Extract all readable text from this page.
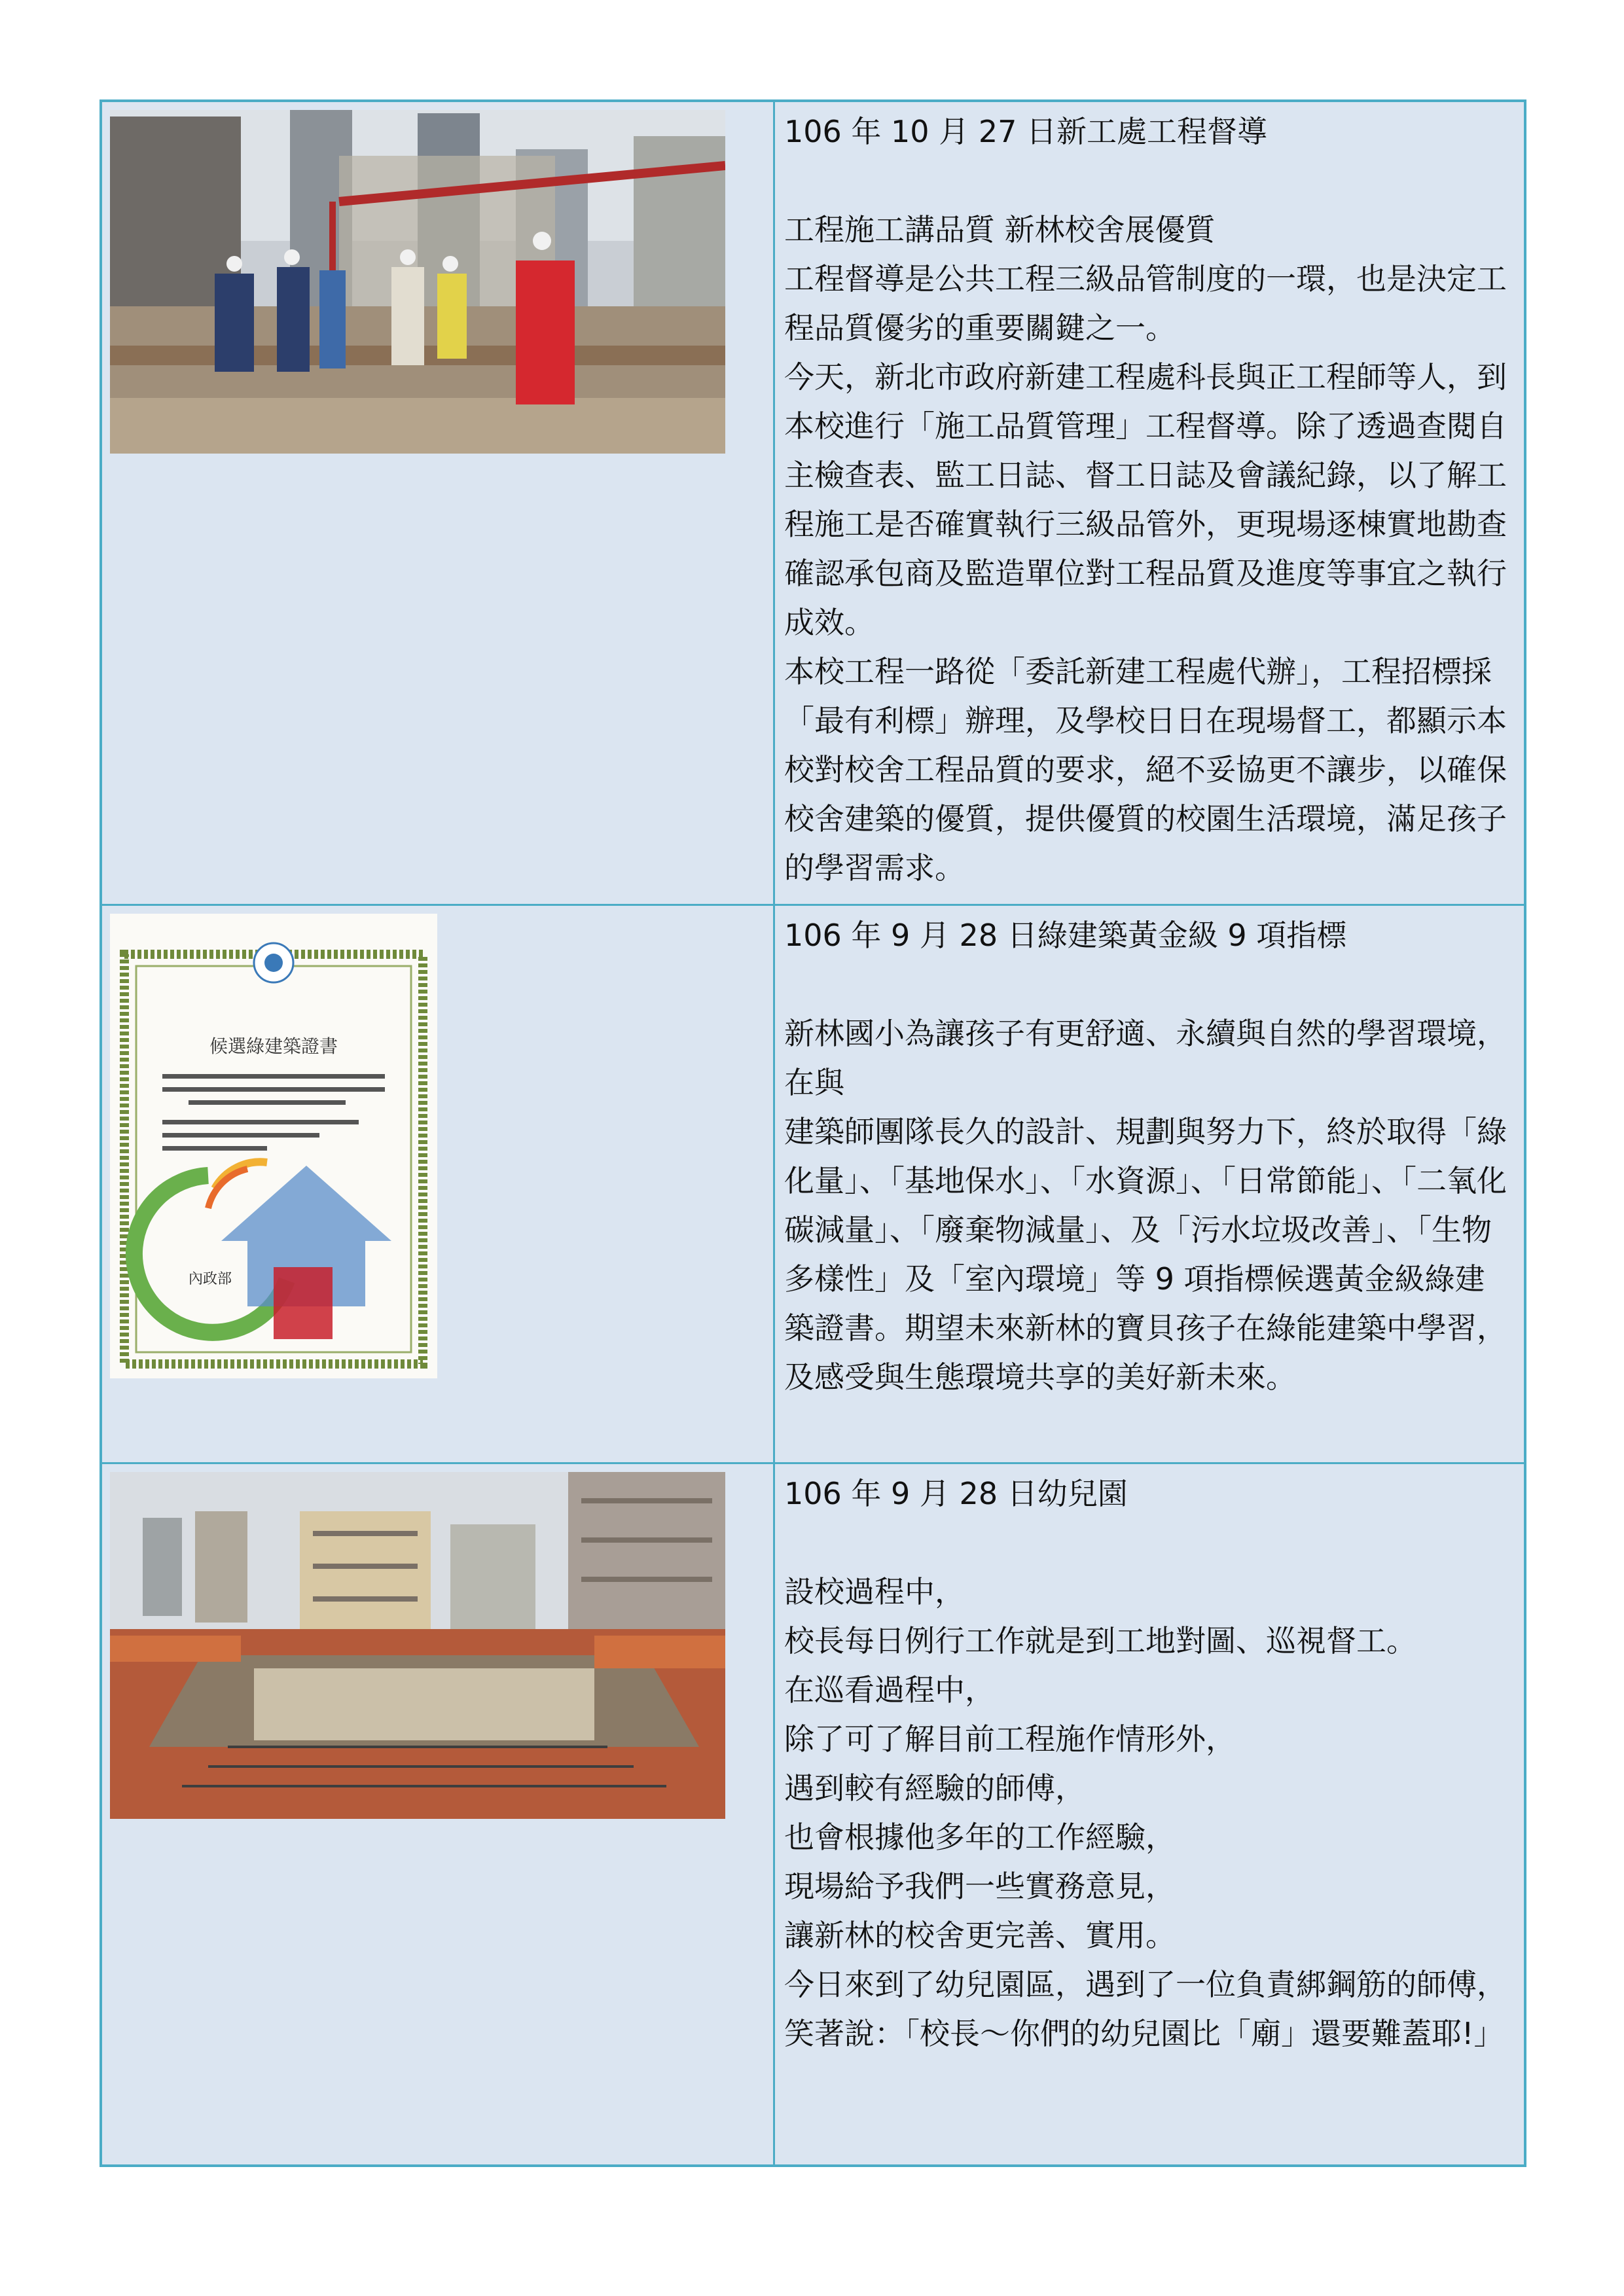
106 年 10 月 27 日新工處工程督導

工程施工講品質 新林校舍展優質

工程督導是公共工程三級品管制度的一環，也是決定工程品質優劣的重要關鍵之一。

今天，新北市政府新建工程處科長與正工程師等人，到本校進行「施工品質管理」工程督導。除了透過查閱自主檢查表、監工日誌、督工日誌及會議紀錄，以了解工程施工是否確實執行三級品管外，更現場逐棟實地勘查確認承包商及監造單位對工程品質及進度等事宜之執行成效。

本校工程一路從「委託新建工程處代辦」，工程招標採「最有利標」辦理，及學校日日在現場督工，都顯示本校對校舍工程品質的要求，絕不妥協更不讓步，以確保校舍建築的優質，提供優質的校園生活環境，滿足孩子的學習需求。

候選綠建築證書
內政部
106 年 9 月 28 日綠建築黃金級 9 項指標

新林國小為讓孩子有更舒適、永續與自然的學習環境，在與

建築師團隊長久的設計、規劃與努力下，終於取得「綠化量」、「基地保水」、「水資源」、「日常節能」、「二氧化碳減量」、「廢棄物減量」、及「污水垃圾改善」、「生物多樣性」及「室內環境」等 9 項指標候選黃金級綠建築證書。期望未來新林的寶貝孩子在綠能建築中學習，及感受與生態環境共享的美好新未來。

106 年 9 月 28 日幼兒園

設校過程中，

校長每日例行工作就是到工地對圖、巡視督工。

在巡看過程中，

除了可了解目前工程施作情形外，

遇到較有經驗的師傅，

也會根據他多年的工作經驗，

現場給予我們一些實務意見，

讓新林的校舍更完善、實用。

今日來到了幼兒園區，遇到了一位負責綁鋼筋的師傅，

笑著說：「校長～你們的幼兒園比「廟」還要難蓋耶!」
